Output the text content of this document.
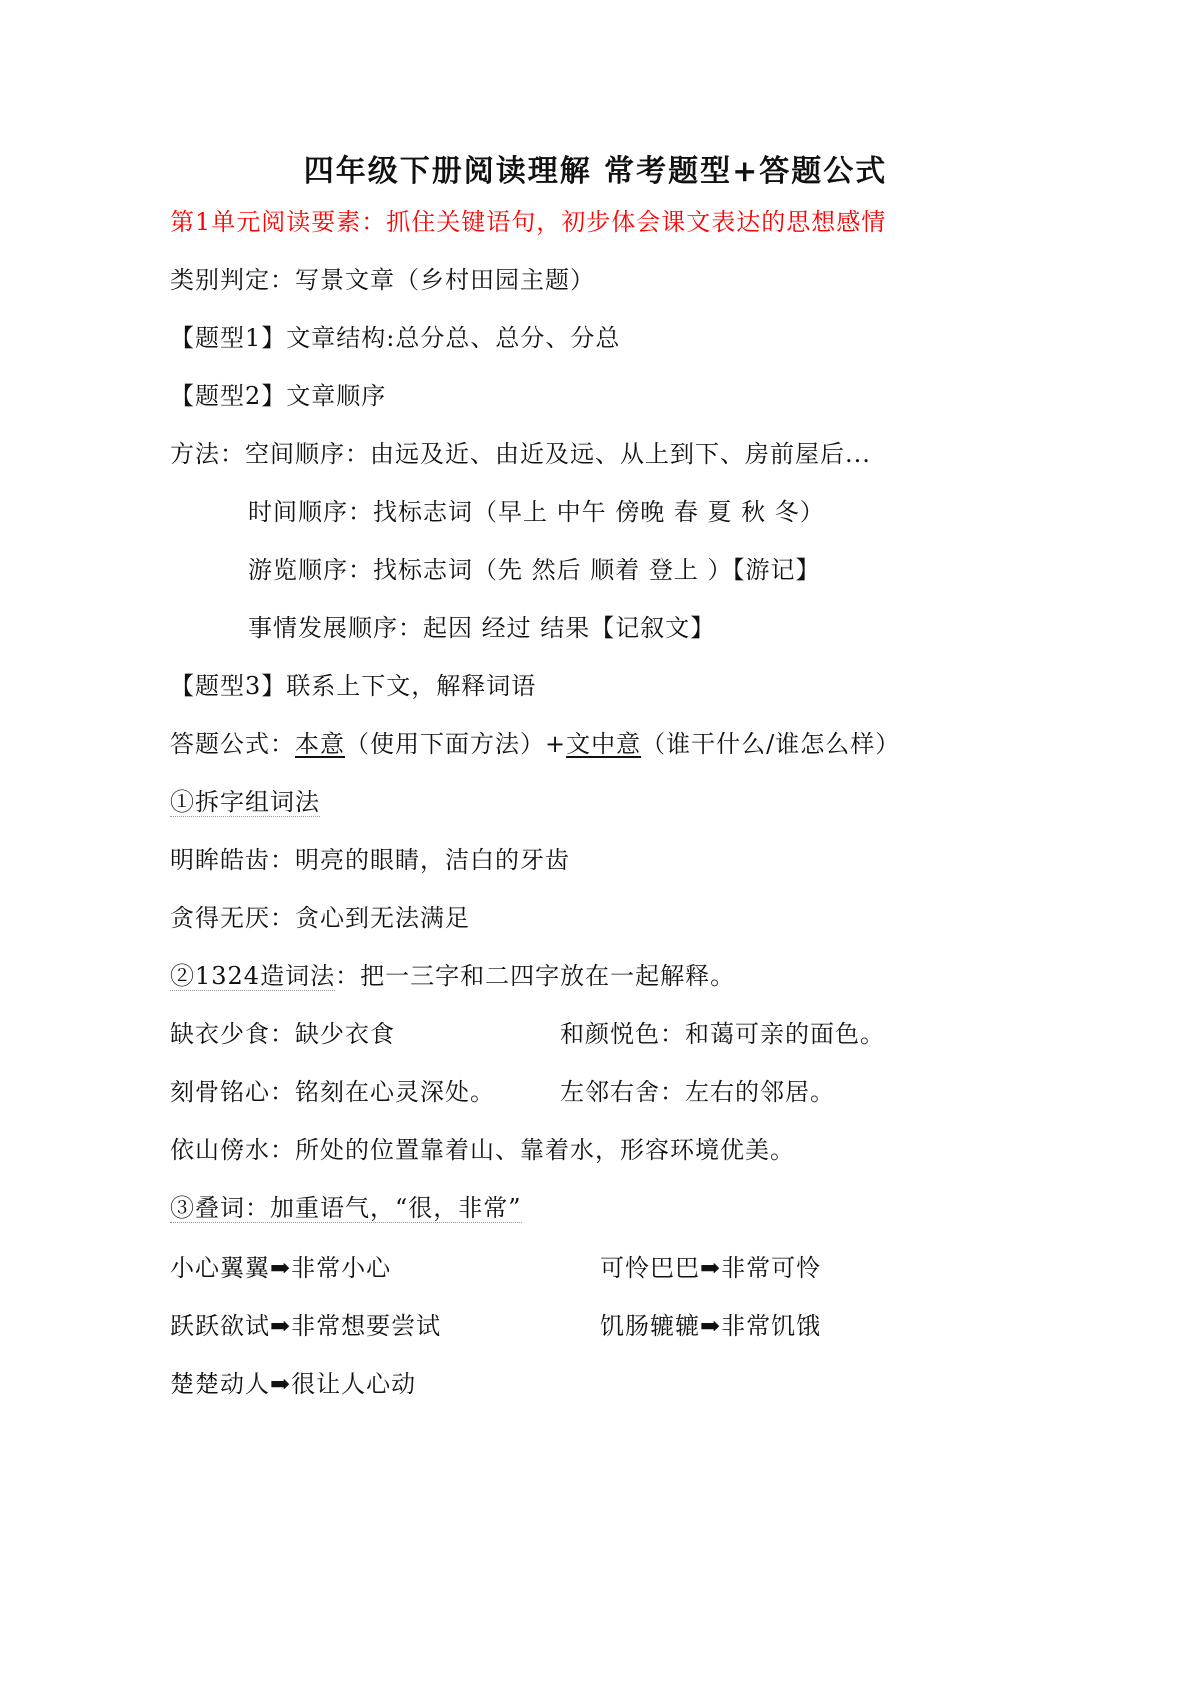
四年级下册阅读理解 常考题型+答题公式
第1单元阅读要素：抓住关键语句，初步体会课文表达的思想感情
类别判定：写景文章（乡村田园主题）
【题型1】文章结构:总分总、总分、分总
【题型2】文章顺序
方法：空间顺序：由远及近、由近及远、从上到下、房前屋后...
时间顺序：找标志词（早上 中午 傍晚 春 夏 秋 冬）
游览顺序：找标志词（先 然后 顺着 登上 ）【游记】
事情发展顺序：起因 经过 结果【记叙文】
【题型3】联系上下文，解释词语
答题公式：本意（使用下面方法）+文中意（谁干什么/谁怎么样）
①拆字组词法
明眸皓齿：明亮的眼睛，洁白的牙齿
贪得无厌：贪心到无法满足
②1324造词法：把一三字和二四字放在一起解释。
缺衣少食：缺少衣食	和颜悦色：和蔼可亲的面色。
刻骨铭心：铭刻在心灵深处。	左邻右舍：左右的邻居。
依山傍水：所处的位置靠着山、靠着水，形容环境优美。
③叠词：加重语气，“很，非常”
小心翼翼➡非常小心	可怜巴巴➡非常可怜
跃跃欲试➡非常想要尝试	饥肠辘辘➡非常饥饿
楚楚动人➡很让人心动
